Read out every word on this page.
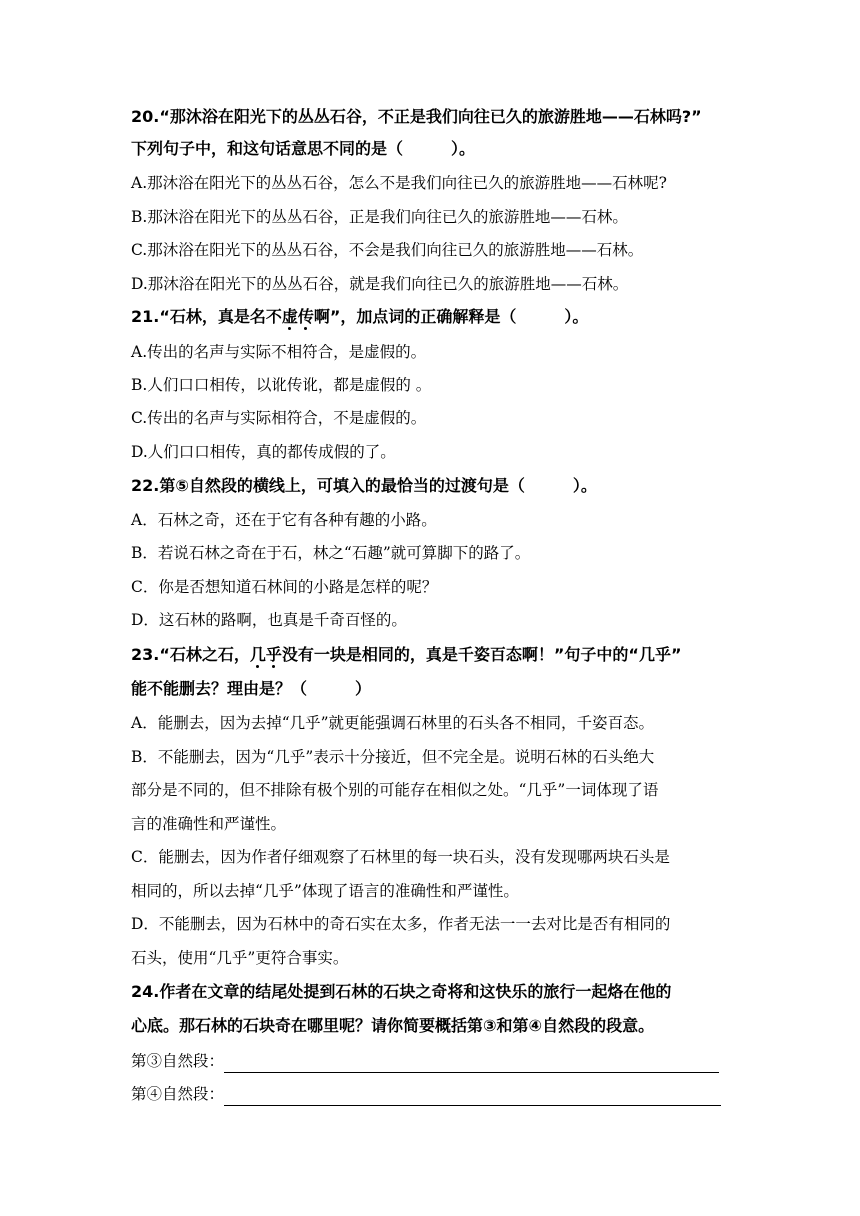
20.“那沐浴在阳光下的丛丛石谷，不正是我们向往已久的旅游胜地——石林吗?”
下列句子中，和这句话意思不同的是（　　　）。
A.那沐浴在阳光下的丛丛石谷，怎么不是我们向往已久的旅游胜地——石林呢?
B.那沐浴在阳光下的丛丛石谷，正是我们向往已久的旅游胜地——石林。
C.那沐浴在阳光下的丛丛石谷，不会是我们向往已久的旅游胜地——石林。
D.那沐浴在阳光下的丛丛石谷，就是我们向往已久的旅游胜地——石林。
21.“石林，真是名不虚传啊”，加点词的正确解释是（　　　）。
A.传出的名声与实际不相符合，是虚假的。
B.人们口口相传，以讹传讹，都是虚假的 。
C.传出的名声与实际相符合，不是虚假的。
D.人们口口相传，真的都传成假的了。
22.第⑤自然段的横线上，可填入的最恰当的过渡句是（　　　）。
A．石林之奇，还在于它有各种有趣的小路。
B．若说石林之奇在于石，林之“石趣”就可算脚下的路了。
C．你是否想知道石林间的小路是怎样的呢？
D．这石林的路啊，也真是千奇百怪的。
23.“石林之石，几乎没有一块是相同的，真是千姿百态啊！”句子中的“几乎”
能不能删去？理由是？（　　　）
A．能删去，因为去掉“几乎”就更能强调石林里的石头各不相同，千姿百态。
B．不能删去，因为“几乎”表示十分接近，但不完全是。说明石林的石头绝大
部分是不同的，但不排除有极个别的可能存在相似之处。“几乎”一词体现了语
言的准确性和严谨性。
C．能删去，因为作者仔细观察了石林里的每一块石头，没有发现哪两块石头是
相同的，所以去掉“几乎”体现了语言的准确性和严谨性。
D．不能删去，因为石林中的奇石实在太多，作者无法一一去对比是否有相同的
石头，使用“几乎”更符合事实。
24.作者在文章的结尾处提到石林的石块之奇将和这快乐的旅行一起烙在他的
心底。那石林的石块奇在哪里呢？请你简要概括第③和第④自然段的段意。
第③自然段：
第④自然段：
